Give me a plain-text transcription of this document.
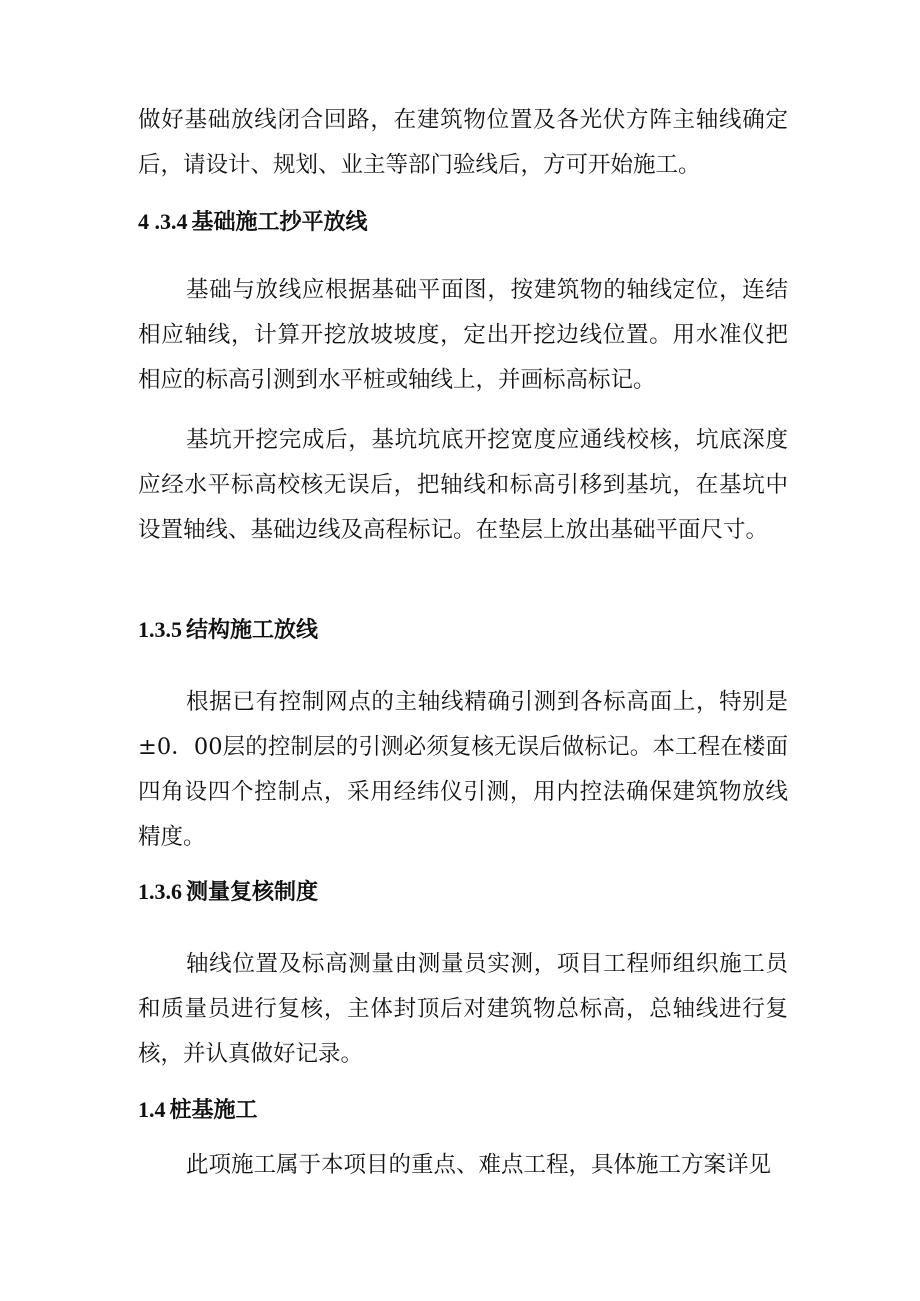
做好基础放线闭合回路，在建筑物位置及各光伏方阵主轴线确定后，请设计、规划、业主等部门验线后，方可开始施工。

4 .3.4 基础施工抄平放线

基础与放线应根据基础平面图，按建筑物的轴线定位，连结相应轴线，计算开挖放坡坡度，定出开挖边线位置。用水准仪把相应的标高引测到水平桩或轴线上，并画标高标记。

基坑开挖完成后，基坑坑底开挖宽度应通线校核，坑底深度应经水平标高校核无误后，把轴线和标高引移到基坑，在基坑中设置轴线、基础边线及高程标记。在垫层上放出基础平面尺寸。

1.3.5 结构施工放线

根据已有控制网点的主轴线精确引测到各标高面上，特别是±0．00层的控制层的引测必须复核无误后做标记。本工程在楼面四角设四个控制点，采用经纬仪引测，用内控法确保建筑物放线精度。

1.3.6 测量复核制度

轴线位置及标高测量由测量员实测，项目工程师组织施工员和质量员进行复核，主体封顶后对建筑物总标高，总轴线进行复核，并认真做好记录。

1.4 桩基施工

此项施工属于本项目的重点、难点工程，具体施工方案详见
